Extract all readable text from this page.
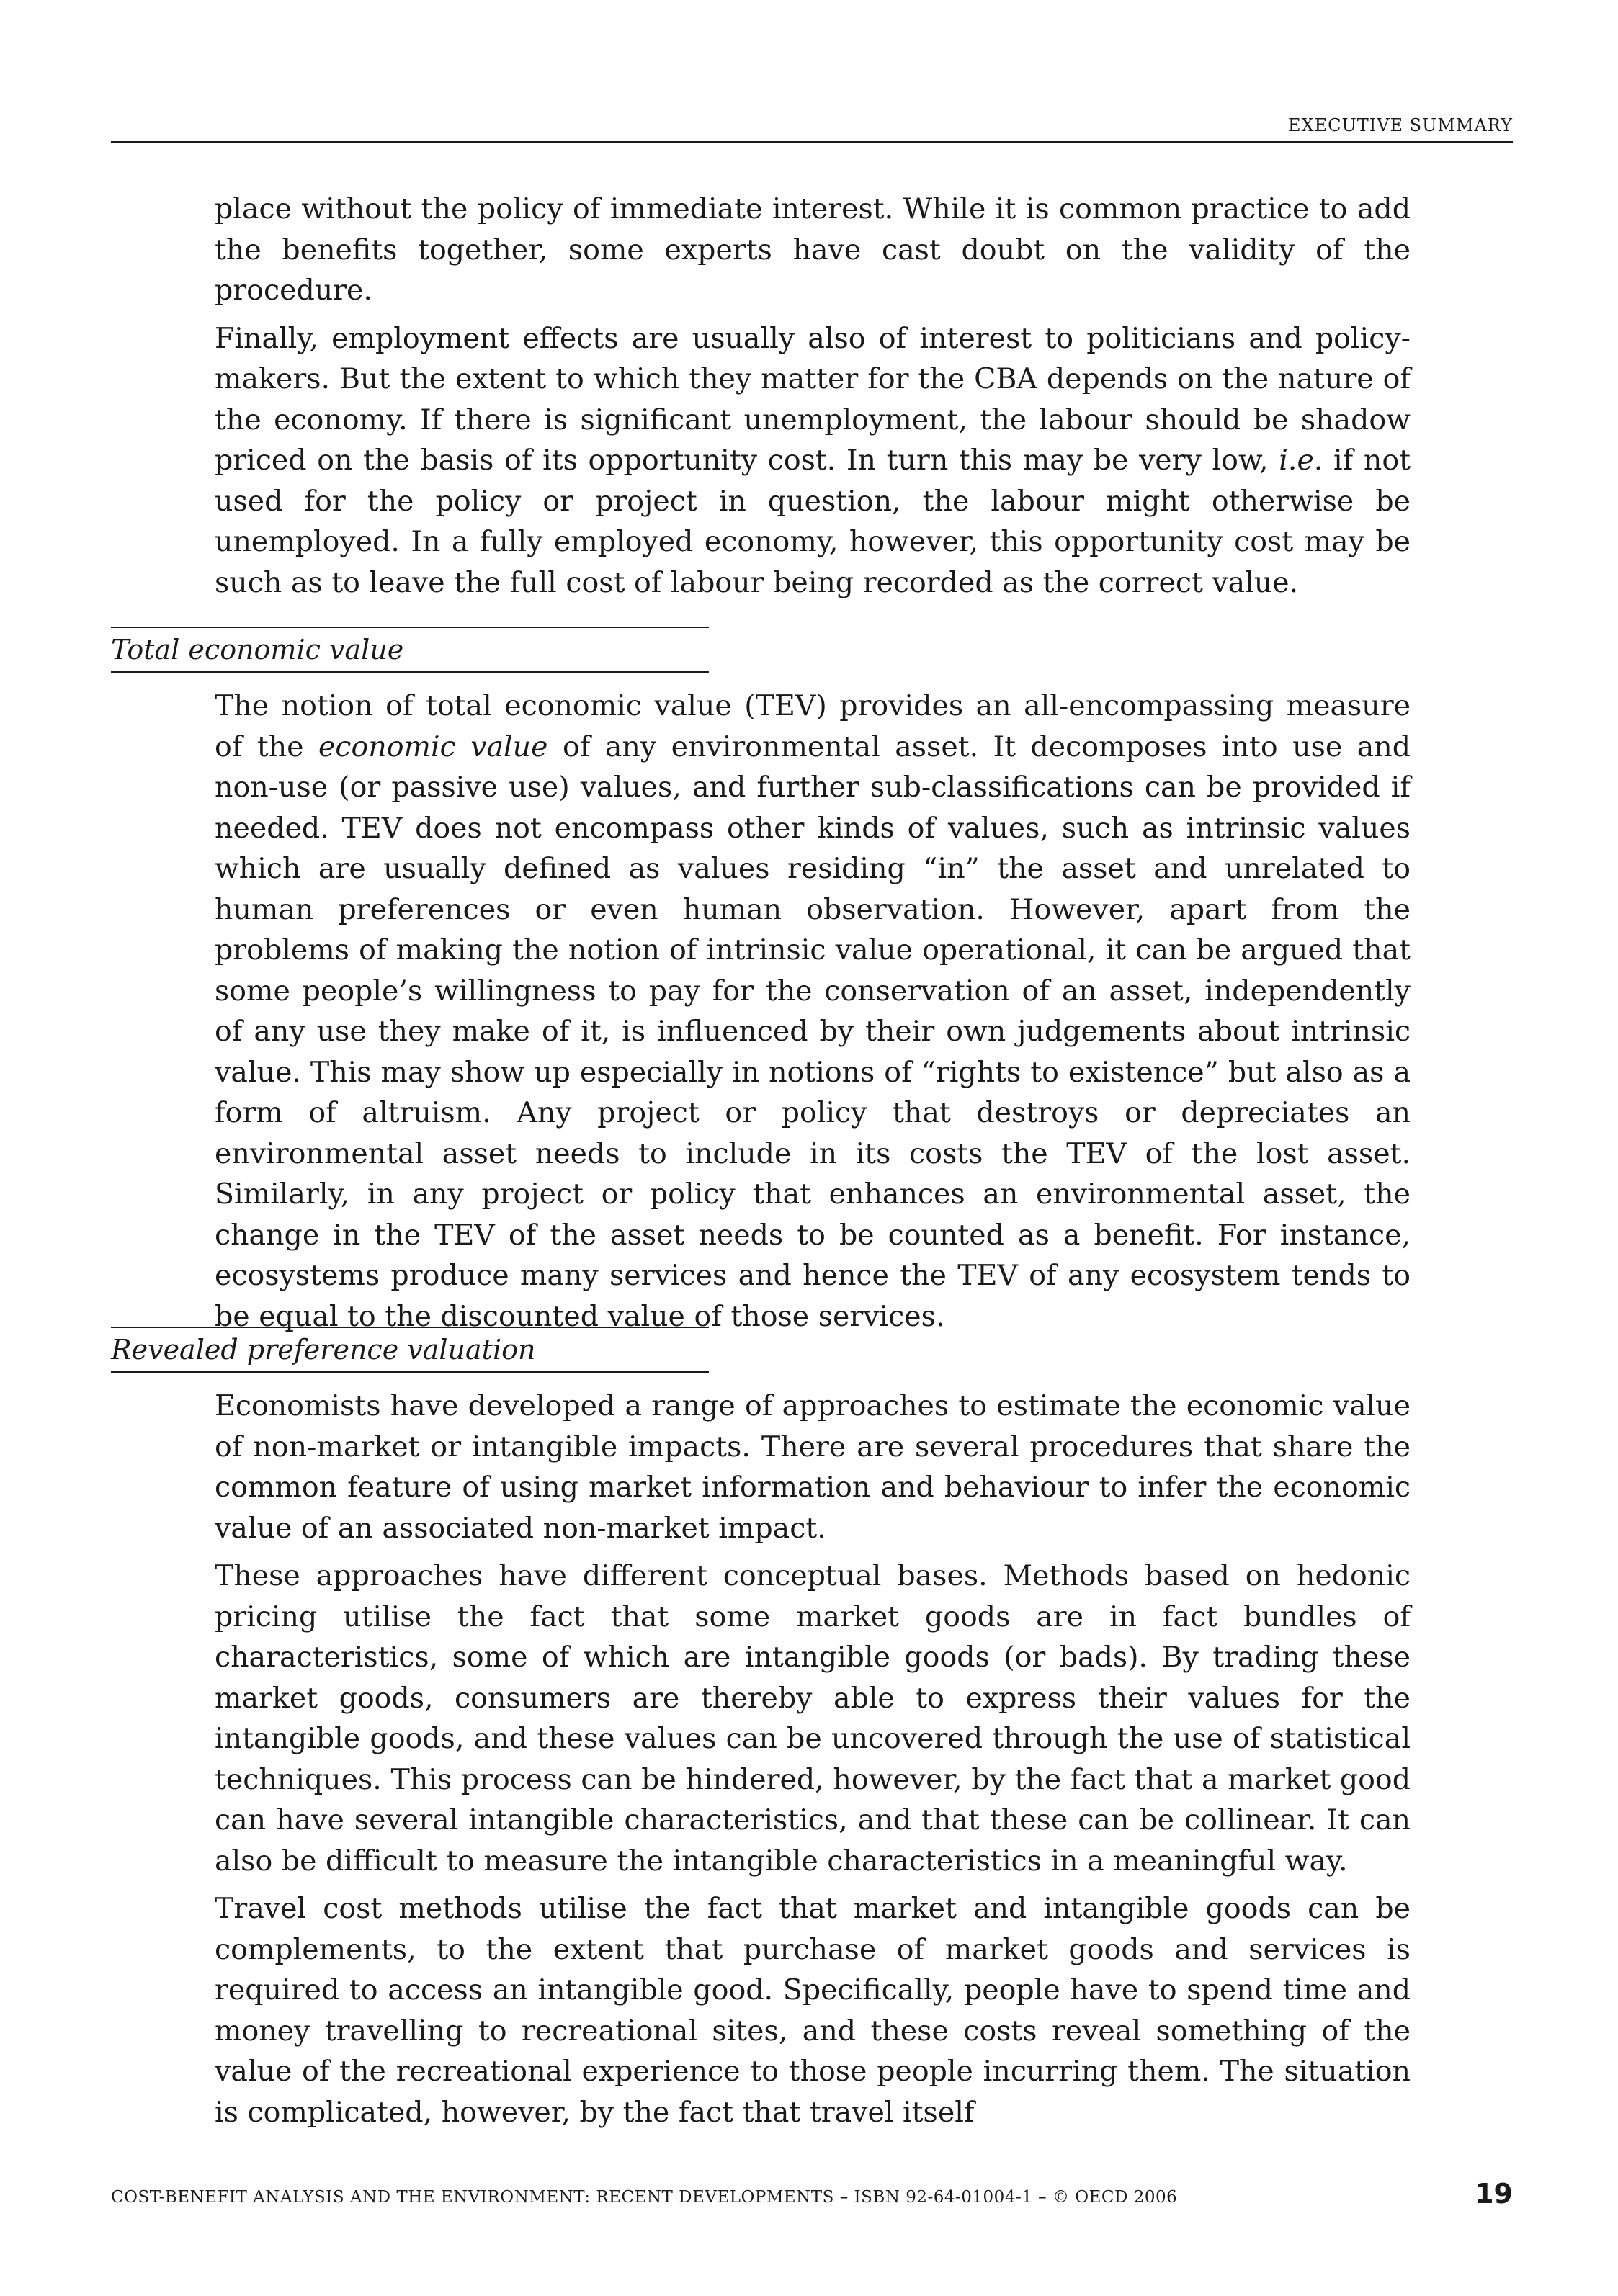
EXECUTIVE SUMMARY

place without the policy of immediate interest. While it is common practice to add the benefits together, some experts have cast doubt on the validity of the procedure.

Finally, employment effects are usually also of interest to politicians and policy-makers. But the extent to which they matter for the CBA depends on the nature of the economy. If there is significant unemployment, the labour should be shadow priced on the basis of its opportunity cost. In turn this may be very low, i.e. if not used for the policy or project in question, the labour might otherwise be unemployed. In a fully employed economy, however, this opportunity cost may be such as to leave the full cost of labour being recorded as the correct value.

Total economic value

The notion of total economic value (TEV) provides an all-encompassing measure of the economic value of any environmental asset. It decomposes into use and non-use (or passive use) values, and further sub-classifications can be provided if needed. TEV does not encompass other kinds of values, such as intrinsic values which are usually defined as values residing “in” the asset and unrelated to human preferences or even human observation. However, apart from the problems of making the notion of intrinsic value operational, it can be argued that some people’s willingness to pay for the conservation of an asset, independently of any use they make of it, is influenced by their own judgements about intrinsic value. This may show up especially in notions of “rights to existence” but also as a form of altruism. Any project or policy that destroys or depreciates an environmental asset needs to include in its costs the TEV of the lost asset. Similarly, in any project or policy that enhances an environmental asset, the change in the TEV of the asset needs to be counted as a benefit. For instance, ecosystems produce many services and hence the TEV of any ecosystem tends to be equal to the discounted value of those services.

Revealed preference valuation

Economists have developed a range of approaches to estimate the economic value of non-market or intangible impacts. There are several procedures that share the common feature of using market information and behaviour to infer the economic value of an associated non-market impact.

These approaches have different conceptual bases. Methods based on hedonic pricing utilise the fact that some market goods are in fact bundles of characteristics, some of which are intangible goods (or bads). By trading these market goods, consumers are thereby able to express their values for the intangible goods, and these values can be uncovered through the use of statistical techniques. This process can be hindered, however, by the fact that a market good can have several intangible characteristics, and that these can be collinear. It can also be difficult to measure the intangible characteristics in a meaningful way.

Travel cost methods utilise the fact that market and intangible goods can be complements, to the extent that purchase of market goods and services is required to access an intangible good. Specifically, people have to spend time and money travelling to recreational sites, and these costs reveal something of the value of the recreational experience to those people incurring them. The situation is complicated, however, by the fact that travel itself

COST-BENEFIT ANALYSIS AND THE ENVIRONMENT: RECENT DEVELOPMENTS – ISBN 92-64-01004-1 – © OECD 2006	19
